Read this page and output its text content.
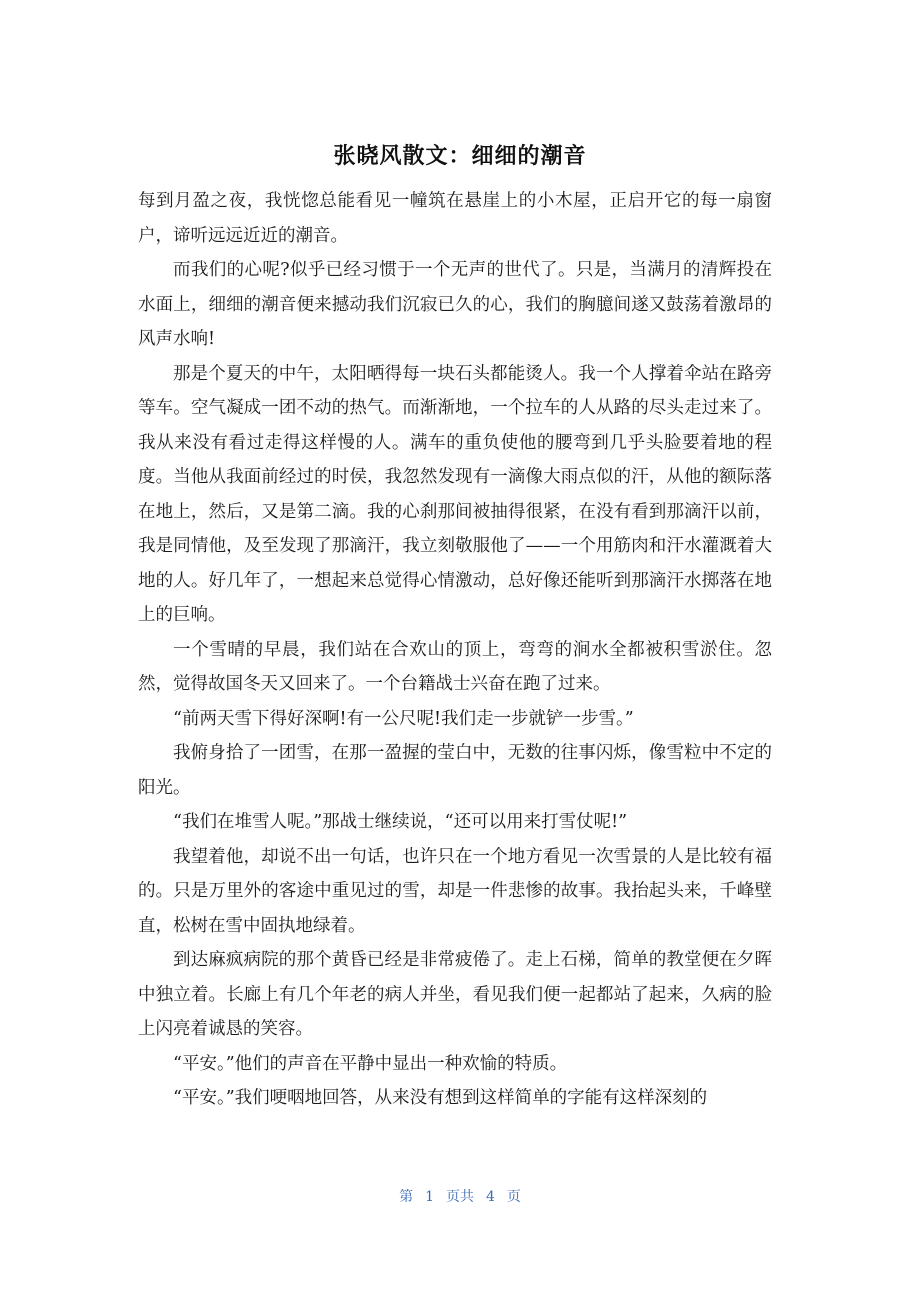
张晓风散文：细细的潮音

每到月盈之夜，我恍惚总能看见一幢筑在悬崖上的小木屋，正启开它的每一扇窗户，谛听远远近近的潮音。

而我们的心呢?似乎已经习惯于一个无声的世代了。只是，当满月的清辉投在水面上，细细的潮音便来撼动我们沉寂已久的心，我们的胸臆间遂又鼓荡着激昂的风声水响!

那是个夏天的中午，太阳晒得每一块石头都能烫人。我一个人撑着伞站在路旁等车。空气凝成一团不动的热气。而渐渐地，一个拉车的人从路的尽头走过来了。我从来没有看过走得这样慢的人。满车的重负使他的腰弯到几乎头脸要着地的程度。当他从我面前经过的时侯，我忽然发现有一滴像大雨点似的汗，从他的额际落在地上，然后，又是第二滴。我的心刹那间被抽得很紧，在没有看到那滴汗以前，我是同情他，及至发现了那滴汗，我立刻敬服他了——一个用筋肉和汗水灌溉着大地的人。好几年了，一想起来总觉得心情激动，总好像还能听到那滴汗水掷落在地上的巨响。

一个雪晴的早晨，我们站在合欢山的顶上，弯弯的涧水全都被积雪淤住。忽然，觉得故国冬天又回来了。一个台籍战士兴奋在跑了过来。

“前两天雪下得好深啊!有一公尺呢!我们走一步就铲一步雪。”

我俯身拾了一团雪，在那一盈握的莹白中，无数的往事闪烁，像雪粒中不定的阳光。

“我们在堆雪人呢。”那战士继续说，“还可以用来打雪仗呢!”

我望着他，却说不出一句话，也许只在一个地方看见一次雪景的人是比较有福的。只是万里外的客途中重见过的雪，却是一件悲惨的故事。我抬起头来，千峰壁直，松树在雪中固执地绿着。

到达麻疯病院的那个黄昏已经是非常疲倦了。走上石梯，简单的教堂便在夕晖中独立着。长廊上有几个年老的病人并坐，看见我们便一起都站了起来，久病的脸上闪亮着诚恳的笑容。

“平安。”他们的声音在平静中显出一种欢愉的特质。

“平安。”我们哽咽地回答，从来没有想到这样简单的字能有这样深刻的

第 1 页共 4 页
